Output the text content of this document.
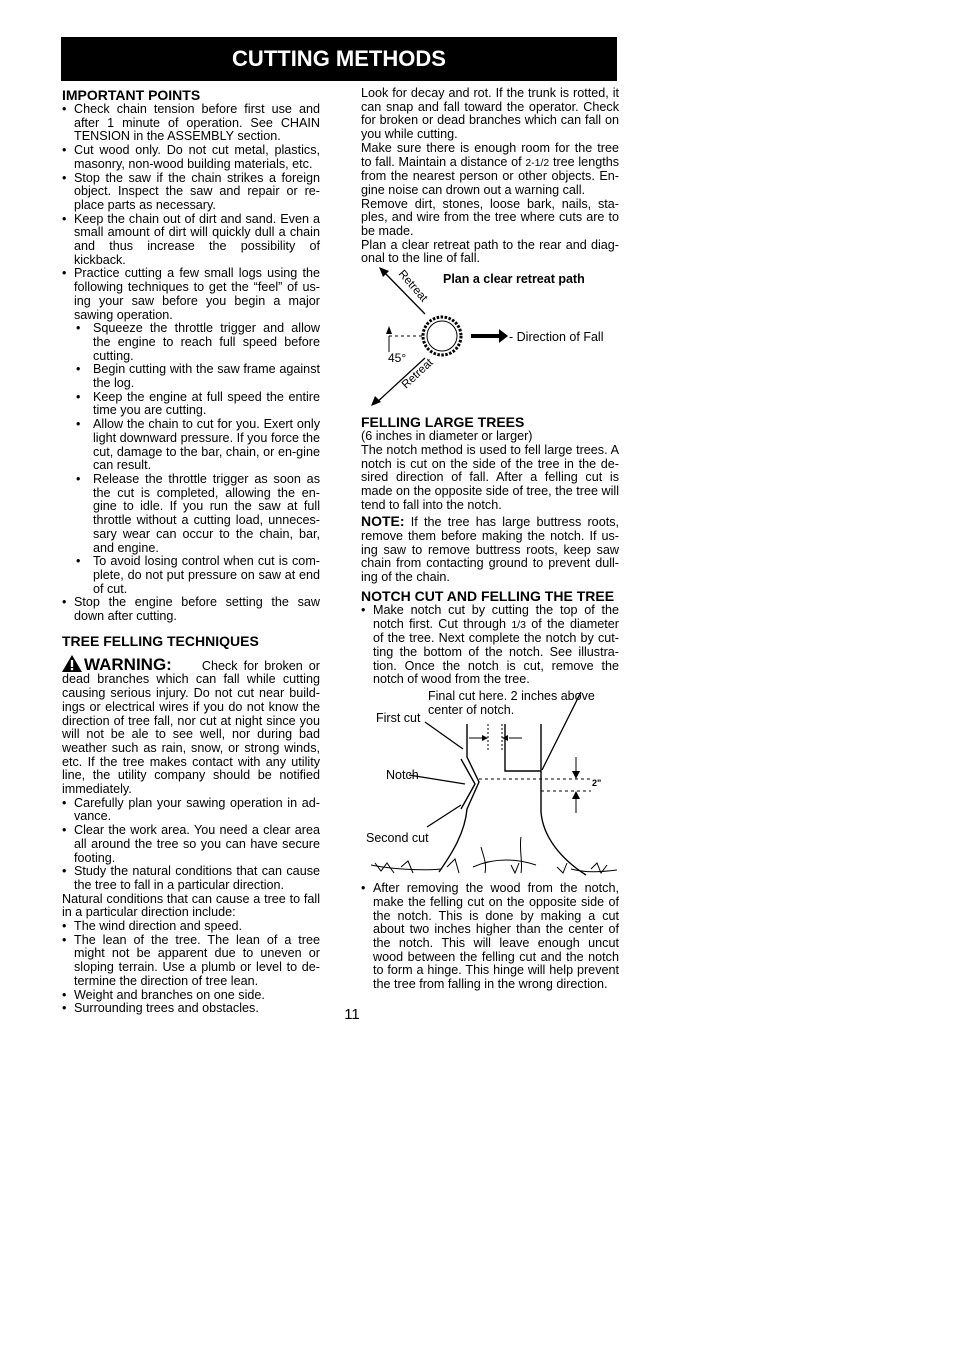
CUTTING METHODS

IMPORTANT POINTS

• Check chain tension before first use and after 1 minute of operation. See CHAIN TENSION in the ASSEMBLY section.
• Cut wood only. Do not cut metal, plastics, masonry, non-wood building materials, etc.
• Stop the saw if the chain strikes a foreign object. Inspect the saw and repair or re-place parts as necessary.
• Keep the chain out of dirt and sand. Even a small amount of dirt will quickly dull a chain and thus increase the possibility of kickback.
• Practice cutting a few small logs using the following techniques to get the “feel” of us-ing your saw before you begin a major sawing operation.
• Squeeze the throttle trigger and allow the engine to reach full speed before cutting.
• Begin cutting with the saw frame against the log.
• Keep the engine at full speed the entire time you are cutting.
• Allow the chain to cut for you. Exert only light downward pressure. If you force the cut, damage to the bar, chain, or en-gine can result.
• Release the throttle trigger as soon as the cut is completed, allowing the en-gine to idle. If you run the saw at full throttle without a cutting load, unneces-sary wear can occur to the chain, bar, and engine.
• To avoid losing control when cut is com-plete, do not put pressure on saw at end of cut.
• Stop the engine before setting the saw down after cutting.

TREE FELLING TECHNIQUES

WARNING: Check for broken or dead branches which can fall while cutting causing serious injury. Do not cut near build-ings or electrical wires if you do not know the direction of tree fall, nor cut at night since you will not be ale to see well, nor during bad weather such as rain, snow, or strong winds, etc. If the tree makes contact with any utility line, the utility company should be notified immediately.

• Carefully plan your sawing operation in ad-vance.
• Clear the work area. You need a clear area all around the tree so you can have secure footing.
• Study the natural conditions that can cause the tree to fall in a particular direction.

Natural conditions that can cause a tree to fall in a particular direction include:

• The wind direction and speed.
• The lean of the tree. The lean of a tree might not be apparent due to uneven or sloping terrain. Use a plumb or level to de-termine the direction of tree lean.
• Weight and branches on one side.
• Surrounding trees and obstacles.

Look for decay and rot. If the trunk is rotted, it can snap and fall toward the operator. Check for broken or dead branches which can fall on you while cutting.

Make sure there is enough room for the tree to fall. Maintain a distance of 2-1/2 tree lengths from the nearest person or other objects. En-gine noise can drown out a warning call.

Remove dirt, stones, loose bark, nails, sta-ples, and wire from the tree where cuts are to be made.

Plan a clear retreat path to the rear and diag-onal to the line of fall.

Plan a clear retreat path
Retreat
Retreat
- Direction of Fall
45°

FELLING LARGE TREES

(6 inches in diameter or larger)

The notch method is used to fell large trees. A notch is cut on the side of the tree in the de-sired direction of fall. After a felling cut is made on the opposite side of tree, the tree will tend to fall into the notch.

NOTE: If the tree has large buttress roots, remove them before making the notch. If us-ing saw to remove buttress roots, keep saw chain from contacting ground to prevent dull-ing of the chain.

NOTCH CUT AND FELLING THE TREE

• Make notch cut by cutting the top of the notch first. Cut through 1/3 of the diameter of the tree. Next complete the notch by cut-ting the bottom of the notch. See illustra-tion. Once the notch is cut, remove the notch of wood from the tree.
Final cut here. 2 inches above
center of notch.
First cut
Notch
Second cut
2"
• After removing the wood from the notch, make the felling cut on the opposite side of the notch. This is done by making a cut about two inches higher than the center of the notch. This will leave enough uncut wood between the felling cut and the notch to form a hinge. This hinge will help prevent the tree from falling in the wrong direction.
11
